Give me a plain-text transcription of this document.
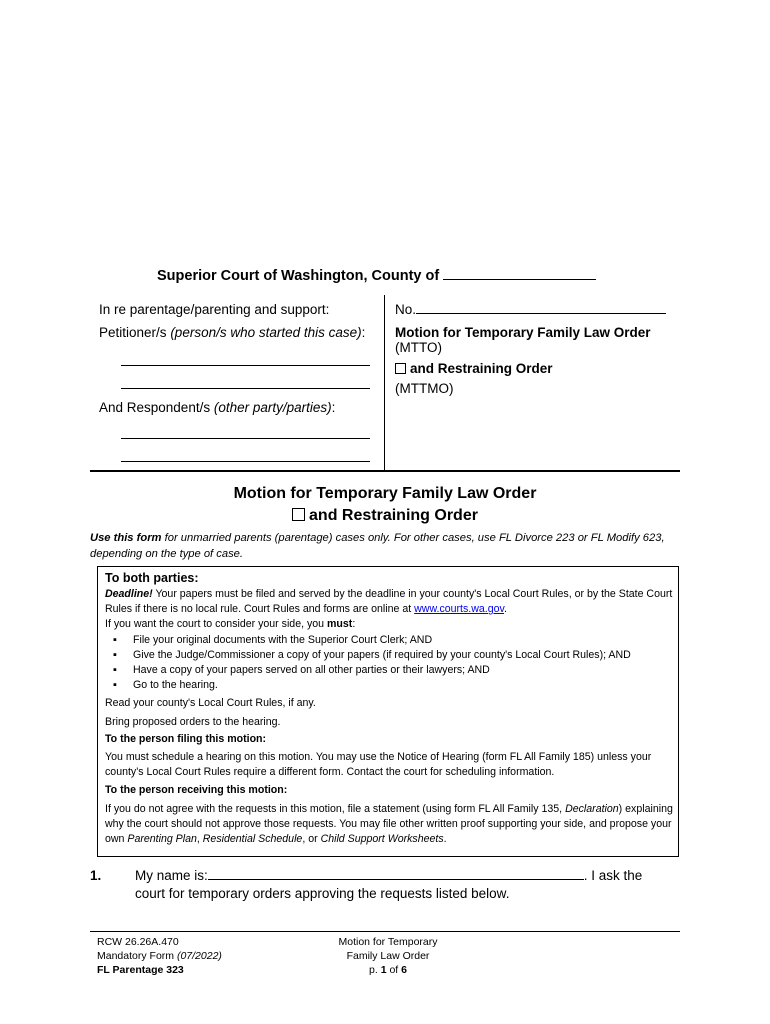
Superior Court of Washington, County of
In re parentage/parenting and support:
Petitioner/s (person/s who started this case):
And Respondent/s (other party/parties):
No.
Motion for Temporary Family Law Order
(MTTO)
and Restraining Order
(MTTMO)
Motion for Temporary Family Law Order
and Restraining Order
Use this form for unmarried parents (parentage) cases only. For other cases, use FL Divorce 223 or FL Modify 623, depending on the type of case.

To both parties:

Deadline! Your papers must be filed and served by the deadline in your county's Local Court Rules, or by the State Court Rules if there is no local rule. Court Rules and forms are online at www.courts.wa.gov.

If you want the court to consider your side, you must:

▪ File your original documents with the Superior Court Clerk; AND
▪ Give the Judge/Commissioner a copy of your papers (if required by your county's Local Court Rules); AND
▪ Have a copy of your papers served on all other parties or their lawyers; AND
▪ Go to the hearing.

Read your county's Local Court Rules, if any.

Bring proposed orders to the hearing.

To the person filing this motion:

You must schedule a hearing on this motion. You may use the Notice of Hearing (form FL All Family 185) unless your county's Local Court Rules require a different form. Contact the court for scheduling information.

To the person receiving this motion:

If you do not agree with the requests in this motion, file a statement (using form FL All Family 135, Declaration) explaining why the court should not approve those requests. You may file other written proof supporting your side, and propose your own Parenting Plan, Residential Schedule, or Child Support Worksheets.

1.	My name is:	. I ask the
court for temporary orders approving the requests listed below.
RCW 26.26A.470
Mandatory Form (07/2022)
FL Parentage 323
Motion for Temporary
Family Law Order
p. 1 of 6
